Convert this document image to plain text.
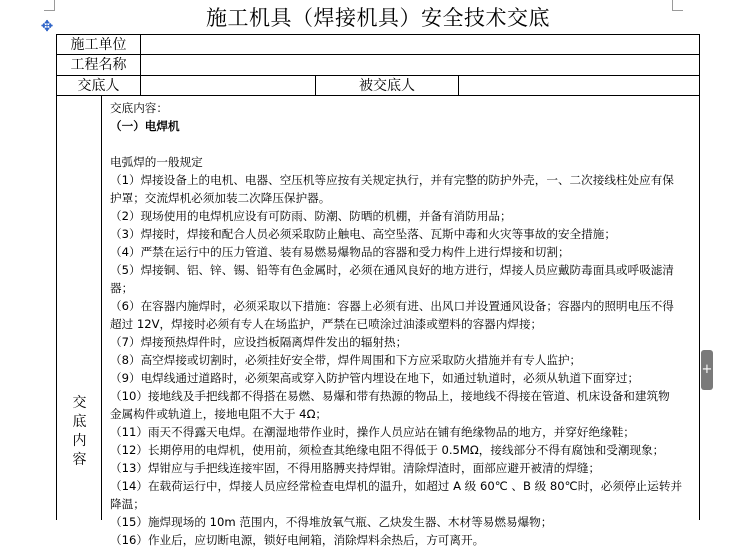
✥	施工机具（焊接机具）安全技术交底
施工单位
工程名称
交底人	被交底人
交
底
内
容

交底内容：

（一）电焊机

电弧焊的一般规定

（1）焊接设备上的电机、电器、空压机等应按有关规定执行，并有完整的防护外壳，一、二次接线柱处应有保

护罩；交流焊机必须加装二次降压保护器。

（2）现场使用的电焊机应设有可防雨、防潮、防晒的机棚，并备有消防用品；

（3）焊接时，焊接和配合人员必须采取防止触电、高空坠落、瓦斯中毒和火灾等事故的安全措施；

（4）严禁在运行中的压力管道、装有易燃易爆物品的容器和受力构件上进行焊接和切割；

（5）焊接铜、铝、锌、锡、铅等有色金属时，必须在通风良好的地方进行，焊接人员应戴防毒面具或呼吸滤清

器；

（6）在容器内施焊时，必须采取以下措施：容器上必须有进、出风口并设置通风设备；容器内的照明电压不得

超过 12V，焊接时必须有专人在场监护，严禁在已喷涂过油漆或塑料的容器内焊接；

（7）焊接预热焊件时，应设挡板隔离焊件发出的辐射热；

（8）高空焊接或切割时，必须挂好安全带，焊件周围和下方应采取防火措施并有专人监护；

（9）电焊线通过道路时，必须架高或穿入防护管内埋设在地下，如通过轨道时，必须从轨道下面穿过；

（10）接地线及手把线都不得搭在易燃、易爆和带有热源的物品上，接地线不得接在管道、机床设备和建筑物

金属构件或轨道上，接地电阻不大于 4Ω；

（11）雨天不得露天电焊。在潮湿地带作业时，操作人员应站在铺有绝缘物品的地方，并穿好绝缘鞋；

（12）长期停用的电焊机，使用前，须检查其绝缘电阻不得低于 0.5MΩ，接线部分不得有腐蚀和受潮现象；

（13）焊钳应与手把线连接牢固，不得用胳膊夹持焊钳。清除焊渣时，面部应避开被清的焊缝；

（14）在载荷运行中，焊接人员应经常检查电焊机的温升，如超过 A 级 60℃ 、B 级 80℃时，必须停止运转并

降温；

（15）施焊现场的 10m 范围内，不得堆放氧气瓶、乙炔发生器、木材等易燃易爆物；

（16）作业后，应切断电源，锁好电闸箱，消除焊料余热后，方可离开。

+
